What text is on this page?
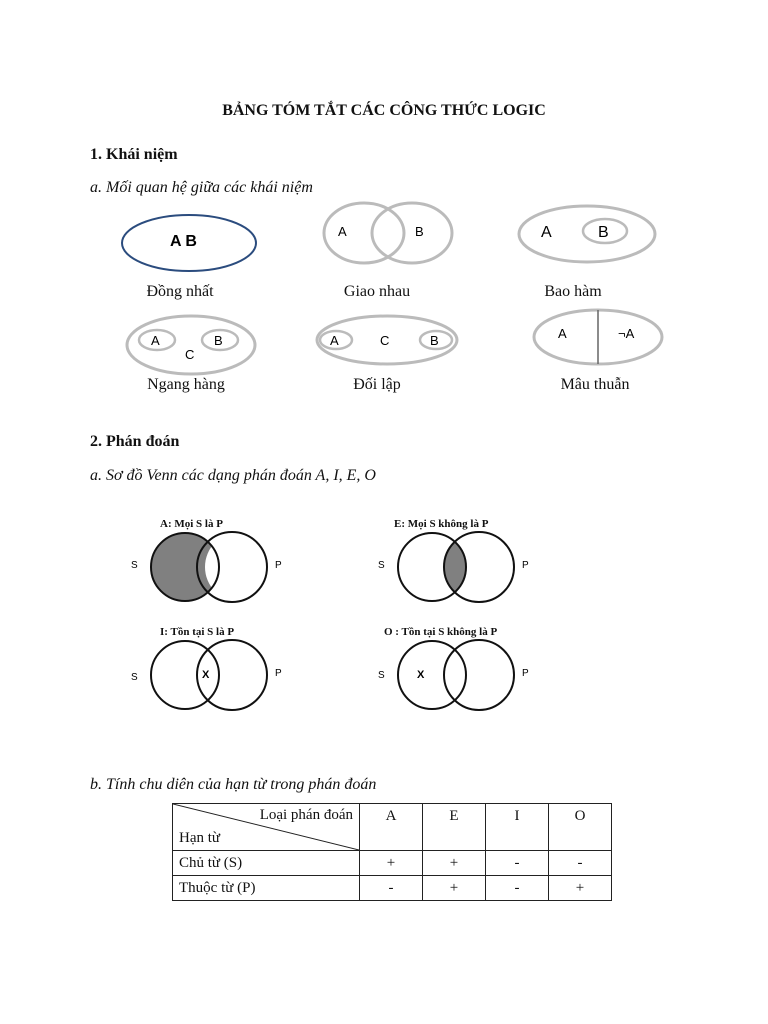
BẢNG TÓM TẮT CÁC CÔNG THỨC LOGIC
1. Khái niệm
a. Mối quan hệ giữa các khái niệm
A B
Đồng nhất
A	B
Giao nhau
A	B
Bao hàm
A	B
C
Ngang hàng
A	C	B
Đối lập
A	¬A
Mâu thuẫn
2. Phán đoán
a. Sơ đồ Venn các dạng phán đoán A, I, E, O
A: Mọi S là P
S	P
E: Mọi S không là P
S	P
I: Tồn tại S là P
S	P
X
O : Tồn tại S không là P
S	P
X
b. Tính chu diên của hạn từ trong phán đoán
Loại phán đoán
Hạn từ	A	E	I	O
Chủ từ (S)	+	+	-	-
Thuộc từ (P)	-	+	-	+
